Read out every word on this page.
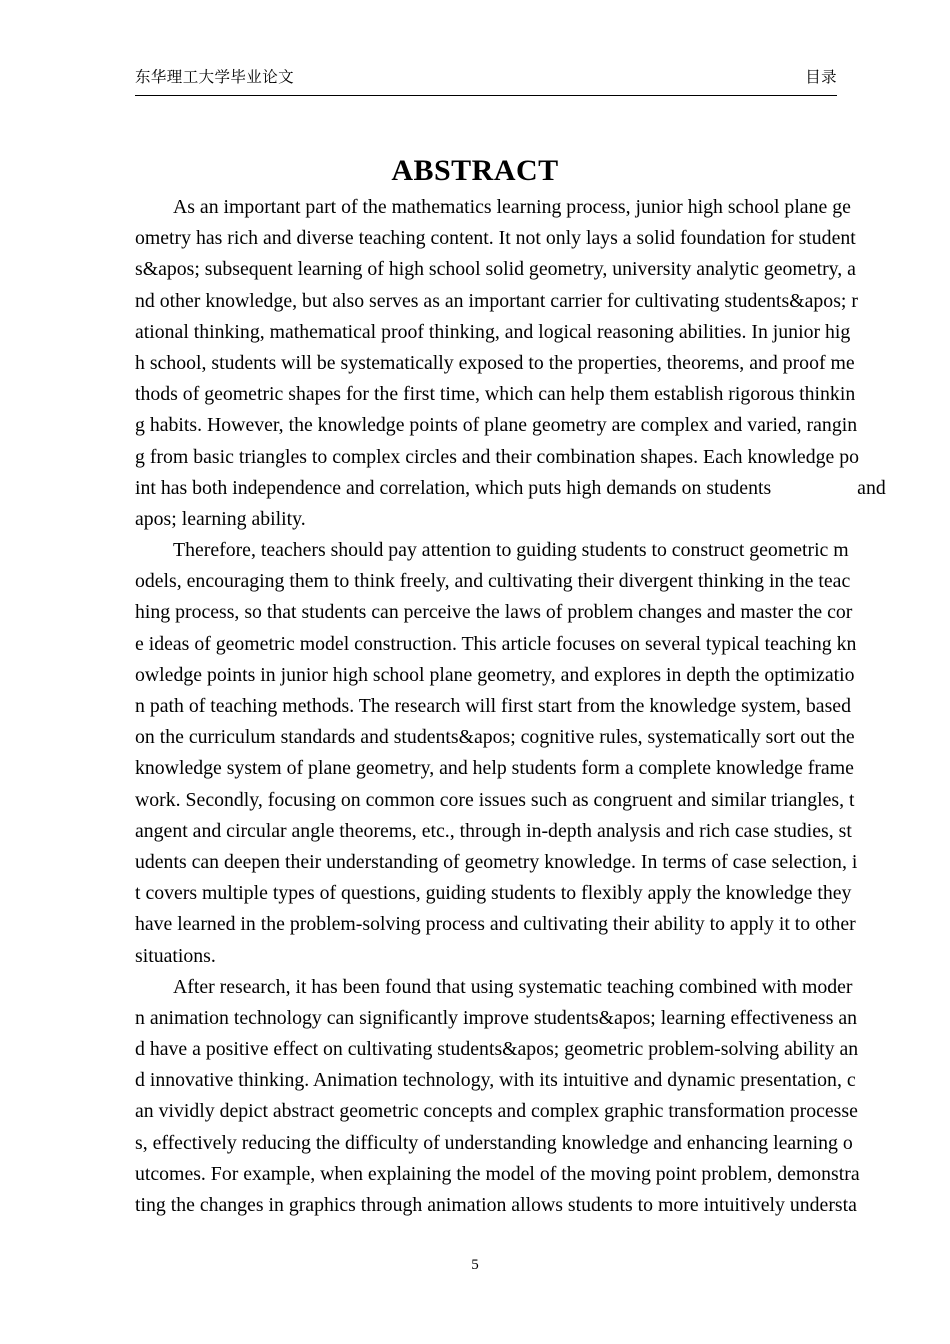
东华理工大学毕业论文	目录
ABSTRACT
As an important part of the mathematics learning process, junior high school plane ge
ometry has rich and diverse teaching content. It not only lays a solid foundation for student
s&apos; subsequent learning of high school solid geometry, university analytic geometry, a
nd other knowledge, but also serves as an important carrier for cultivating students&apos; r
ational thinking, mathematical proof thinking, and logical reasoning abilities. In junior hig
h school, students will be systematically exposed to the properties, theorems, and proof me
thods of geometric shapes for the first time, which can help them establish rigorous thinkin
g habits. However, the knowledge points of plane geometry are complex and varied, rangin
g from basic triangles to complex circles and their combination shapes. Each knowledge po
int has both independence and correlation, which puts high demands on students	and
apos; learning ability.
Therefore, teachers should pay attention to guiding students to construct geometric m
odels, encouraging them to think freely, and cultivating their divergent thinking in the teac
hing process, so that students can perceive the laws of problem changes and master the cor
e ideas of geometric model construction. This article focuses on several typical teaching kn
owledge points in junior high school plane geometry, and explores in depth the optimizatio
n path of teaching methods. The research will first start from the knowledge system, based
on the curriculum standards and students&apos; cognitive rules, systematically sort out the
knowledge system of plane geometry, and help students form a complete knowledge frame
work. Secondly, focusing on common core issues such as congruent and similar triangles, t
angent and circular angle theorems, etc., through in-depth analysis and rich case studies, st
udents can deepen their understanding of geometry knowledge. In terms of case selection, i
t covers multiple types of questions, guiding students to flexibly apply the knowledge they
have learned in the problem-solving process and cultivating their ability to apply it to other
situations.
After research, it has been found that using systematic teaching combined with moder
n animation technology can significantly improve students&apos; learning effectiveness an
d have a positive effect on cultivating students&apos; geometric problem-solving ability an
d innovative thinking. Animation technology, with its intuitive and dynamic presentation, c
an vividly depict abstract geometric concepts and complex graphic transformation processe
s, effectively reducing the difficulty of understanding knowledge and enhancing learning o
utcomes. For example, when explaining the model of the moving point problem, demonstra
ting the changes in graphics through animation allows students to more intuitively understa
5
